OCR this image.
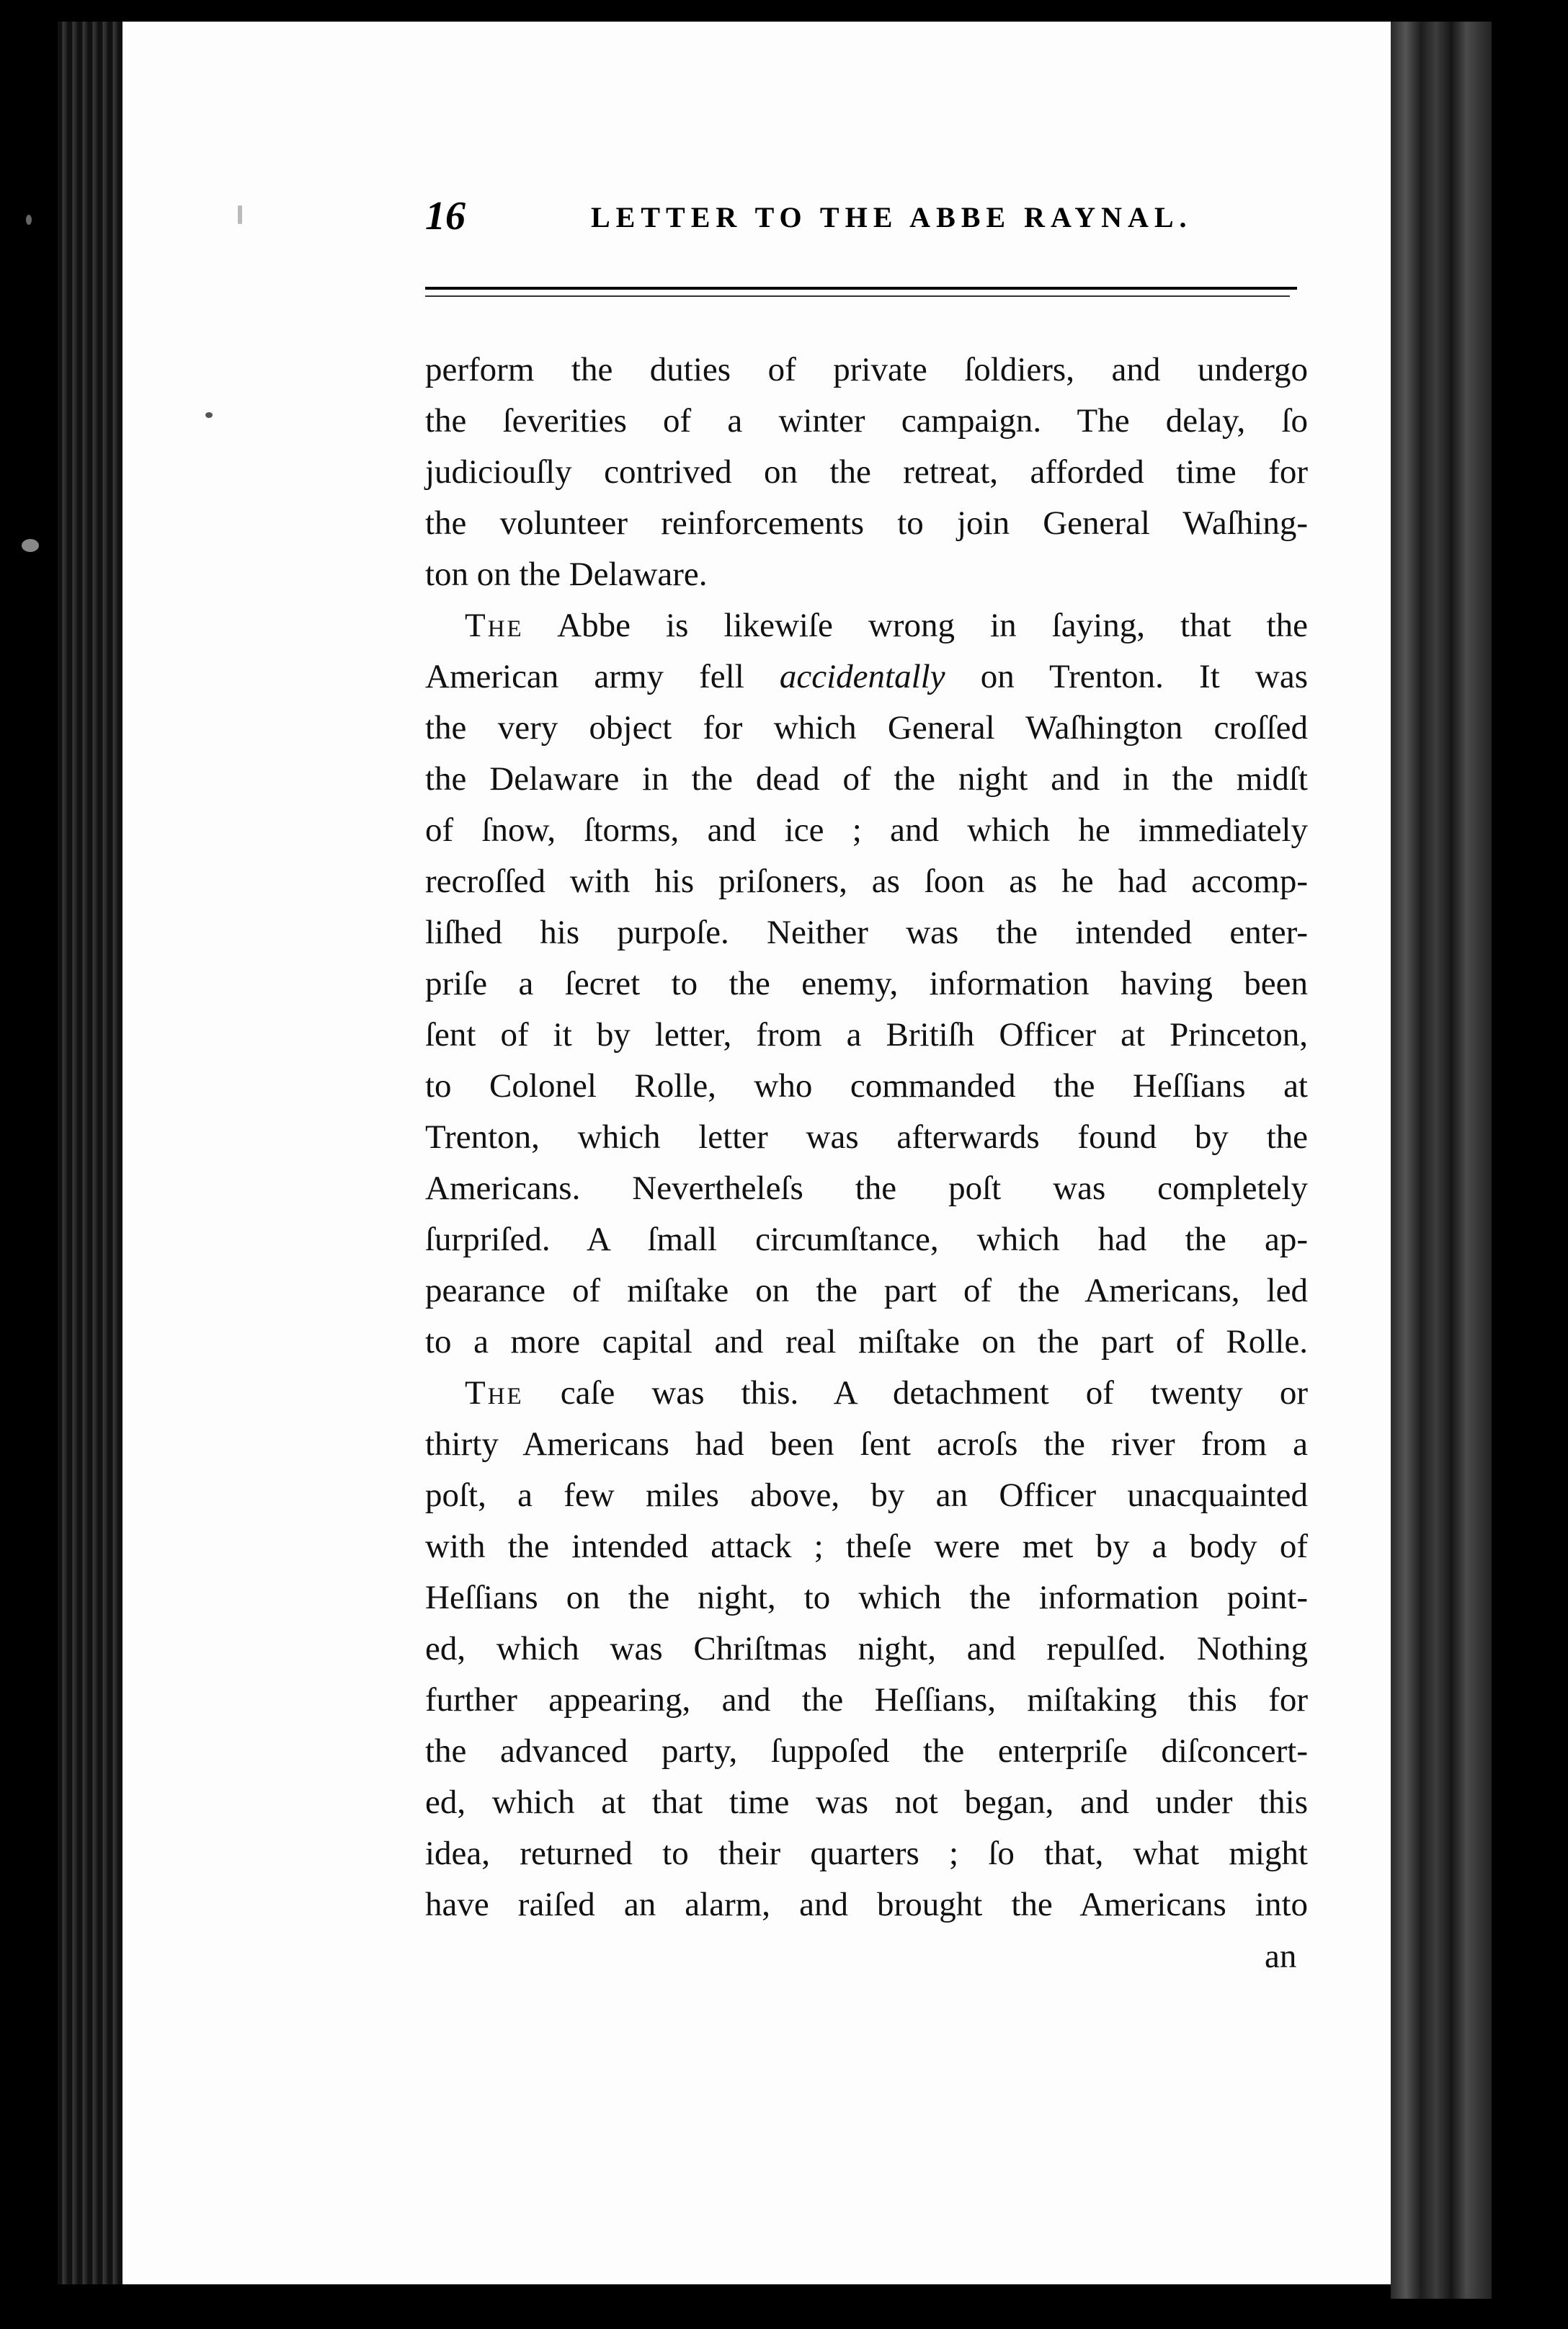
16	LETTER TO THE ABBE RAYNAL.
perform the duties of private ſoldiers, and undergo
the ſeverities of a winter campaign. The delay, ſo
judiciouſly contrived on the retreat, afforded time for
the volunteer reinforcements to join General Waſhing-
ton on the Delaware.
The Abbe is likewiſe wrong in ſaying, that the
American army fell accidentally on Trenton. It was
the very object for which General Waſhington croſſed
the Delaware in the dead of the night and in the midſt
of ſnow, ſtorms, and ice ; and which he immediately
recroſſed with his priſoners, as ſoon as he had accomp-
liſhed his purpoſe. Neither was the intended enter-
priſe a ſecret to the enemy, information having been
ſent of it by letter, from a Britiſh Officer at Princeton,
to Colonel Rolle, who commanded the Heſſians at
Trenton, which letter was afterwards found by the
Americans. Neverthelеſs the poſt was completely
ſurpriſed. A ſmall circumſtance, which had the ap-
pearance of miſtake on the part of the Americans, led
to a more capital and real miſtake on the part of Rolle.
The caſe was this. A detachment of twenty or
thirty Americans had been ſent acroſs the river from a
poſt, a few miles above, by an Officer unacquainted
with the intended attack ; theſe were met by a body of
Heſſians on the night, to which the information point-
ed, which was Chriſtmas night, and repulſed. Nothing
further appearing, and the Heſſians, miſtaking this for
the advanced party, ſuppoſed the enterpriſe diſconcert-
ed, which at that time was not began, and under this
idea, returned to their quarters ; ſo that, what might
have raiſed an alarm, and brought the Americans into
an
